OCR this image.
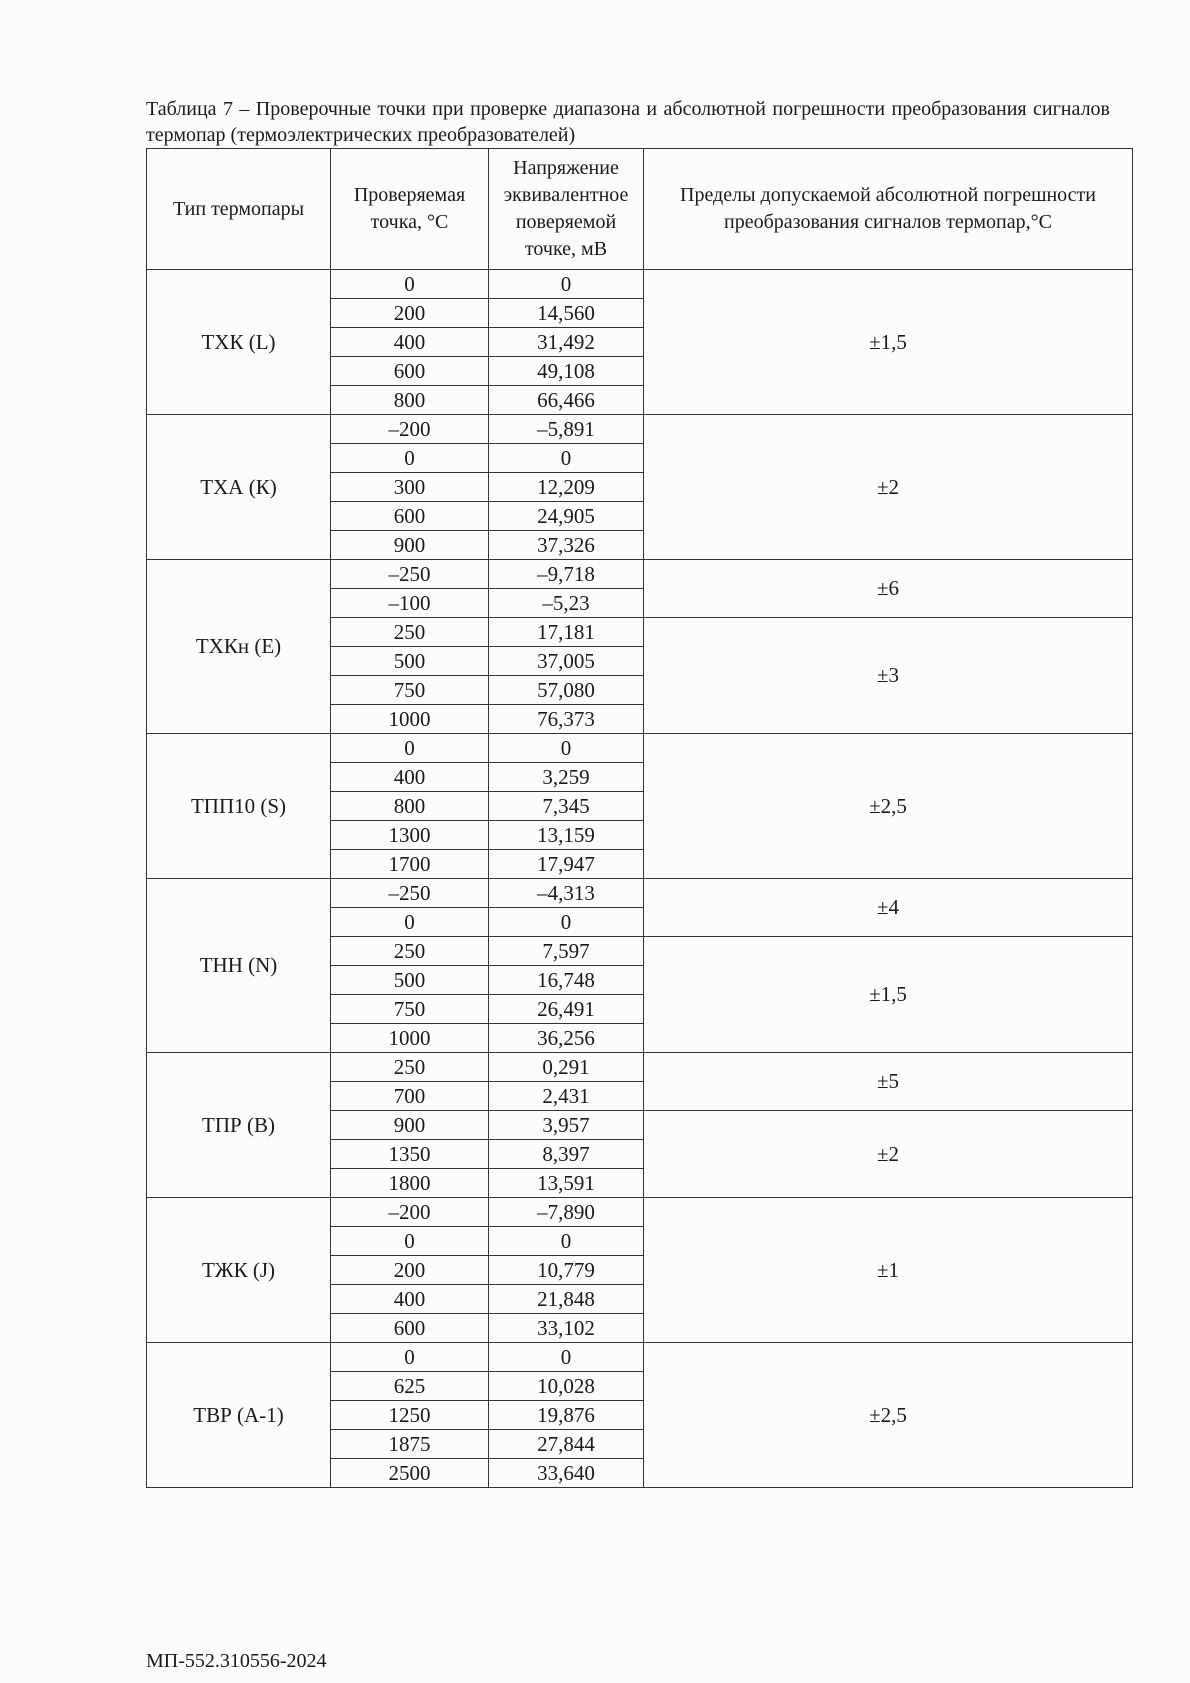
Таблица 7 – Проверочные точки при проверке диапазона и абсолютной погрешности преобразования сигналов термопар (термоэлектрических преобразователей)
Тип термопары	Проверяемая точка, °С	Напряжение эквивалентное поверяемой точке, мВ	Пределы допускаемой абсолютной погрешности преобразования сигналов термопар,°С
ТХК (L)	0	0	±1,5
	200	14,560	
	400	31,492	
	600	49,108	
	800	66,466	
ТХА (К)	–200	–5,891	±2
	0	0	
	300	12,209	
	600	24,905	
	900	37,326	
ТХКн (Е)	–250	–9,718	±6
	–100	–5,23	
	250	17,181	±3
	500	37,005	
	750	57,080	
	1000	76,373	
ТПП10 (S)	0	0	±2,5
	400	3,259	
	800	7,345	
	1300	13,159	
	1700	17,947	
ТНН (N)	–250	–4,313	±4
	0	0	
	250	7,597	±1,5
	500	16,748	
	750	26,491	
	1000	36,256	
ТПР (В)	250	0,291	±5
	700	2,431	
	900	3,957	±2
	1350	8,397	
	1800	13,591	
ТЖК (J)	–200	–7,890	±1
	0	0	
	200	10,779	
	400	21,848	
	600	33,102	
ТВР (А-1)	0	0	±2,5
	625	10,028	
	1250	19,876	
	1875	27,844	
	2500	33,640	
МП-552.310556-2024
